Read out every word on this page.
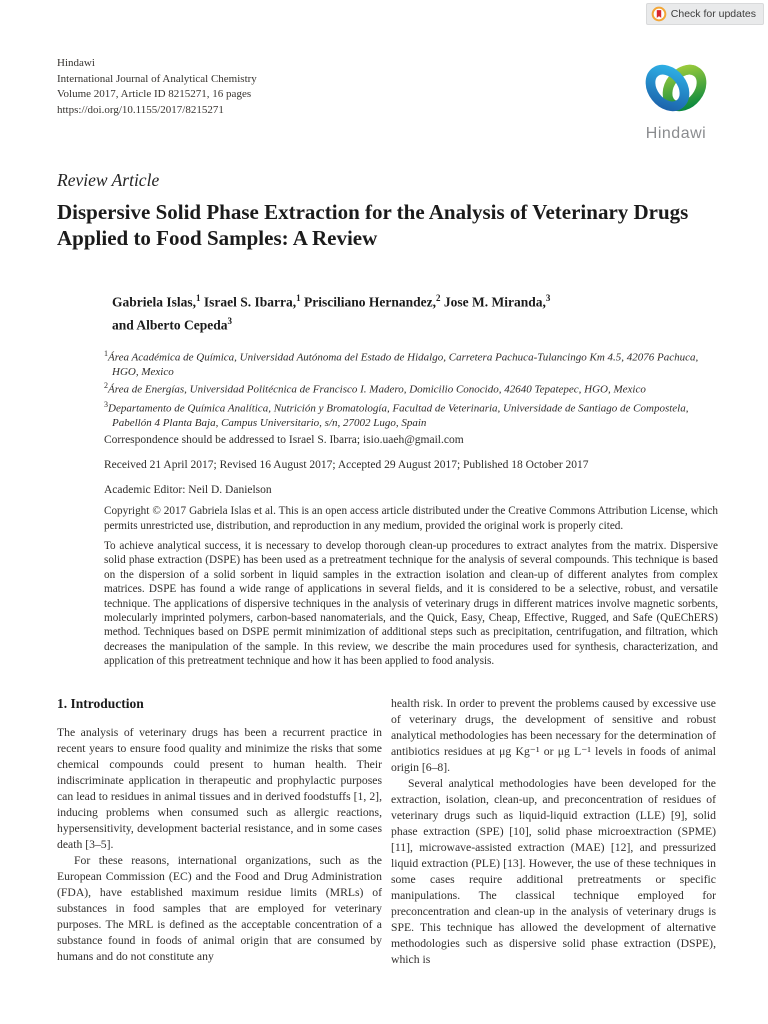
Check for updates
Hindawi
International Journal of Analytical Chemistry
Volume 2017, Article ID 8215271, 16 pages
https://doi.org/10.1155/2017/8215271
Hindawi
Review Article
Dispersive Solid Phase Extraction for the Analysis of Veterinary Drugs Applied to Food Samples: A Review

Gabriela Islas,$^1$ Israel S. Ibarra,$^1$ Prisciliano Hernandez,$^2$ Jose M. Miranda,$^3$
and Alberto Cepeda$^3$

$^1$Área Académica de Química, Universidad Autónoma del Estado de Hidalgo, Carretera Pachuca-Tulancingo Km 4.5, 42076 Pachuca, HGO, Mexico
$^2$Área de Energías, Universidad Politécnica de Francisco I. Madero, Domicilio Conocido, 42640 Tepatepec, HGO, Mexico
$^3$Departamento de Química Analítica, Nutrición y Bromatología, Facultad de Veterinaria, Universidade de Santiago de Compostela, Pabellón 4 Planta Baja, Campus Universitario, s/n, 27002 Lugo, Spain
Correspondence should be addressed to Israel S. Ibarra; isio.uaeh@gmail.com
Received 21 April 2017; Revised 16 August 2017; Accepted 29 August 2017; Published 18 October 2017
Academic Editor: Neil D. Danielson
Copyright © 2017 Gabriela Islas et al. This is an open access article distributed under the Creative Commons Attribution License, which permits unrestricted use, distribution, and reproduction in any medium, provided the original work is properly cited.
To achieve analytical success, it is necessary to develop thorough clean-up procedures to extract analytes from the matrix. Dispersive solid phase extraction (DSPE) has been used as a pretreatment technique for the analysis of several compounds. This technique is based on the dispersion of a solid sorbent in liquid samples in the extraction isolation and clean-up of different analytes from complex matrices. DSPE has found a wide range of applications in several fields, and it is considered to be a selective, robust, and versatile technique. The applications of dispersive techniques in the analysis of veterinary drugs in different matrices involve magnetic sorbents, molecularly imprinted polymers, carbon-based nanomaterials, and the Quick, Easy, Cheap, Effective, Rugged, and Safe (QuEChERS) method. Techniques based on DSPE permit minimization of additional steps such as precipitation, centrifugation, and filtration, which decreases the manipulation of the sample. In this review, we describe the main procedures used for synthesis, characterization, and application of this pretreatment technique and how it has been applied to food analysis.
1. Introduction

The analysis of veterinary drugs has been a recurrent practice in recent years to ensure food quality and minimize the risks that some chemical compounds could present to human health. Their indiscriminate application in therapeutic and prophylactic purposes can lead to residues in animal tissues and in derived foodstuffs [1, 2], inducing problems when consumed such as allergic reactions, hypersensitivity, development bacterial resistance, and in some cases death [3–5].

For these reasons, international organizations, such as the European Commission (EC) and the Food and Drug Administration (FDA), have established maximum residue limits (MRLs) of substances in food samples that are employed for veterinary purposes. The MRL is defined as the acceptable concentration of a substance found in foods of animal origin that are consumed by humans and do not constitute any

health risk. In order to prevent the problems caused by excessive use of veterinary drugs, the development of sensitive and robust analytical methodologies has been necessary for the determination of antibiotics residues at μg Kg⁻¹ or μg L⁻¹ levels in foods of animal origin [6–8].

Several analytical methodologies have been developed for the extraction, isolation, clean-up, and preconcentration of residues of veterinary drugs such as liquid-liquid extraction (LLE) [9], solid phase extraction (SPE) [10], solid phase microextraction (SPME) [11], microwave-assisted extraction (MAE) [12], and pressurized liquid extraction (PLE) [13]. However, the use of these techniques in some cases require additional pretreatments or specific manipulations. The classical technique employed for preconcentration and clean-up in the analysis of veterinary drugs is SPE. This technique has allowed the development of alternative methodologies such as dispersive solid phase extraction (DSPE), which is
